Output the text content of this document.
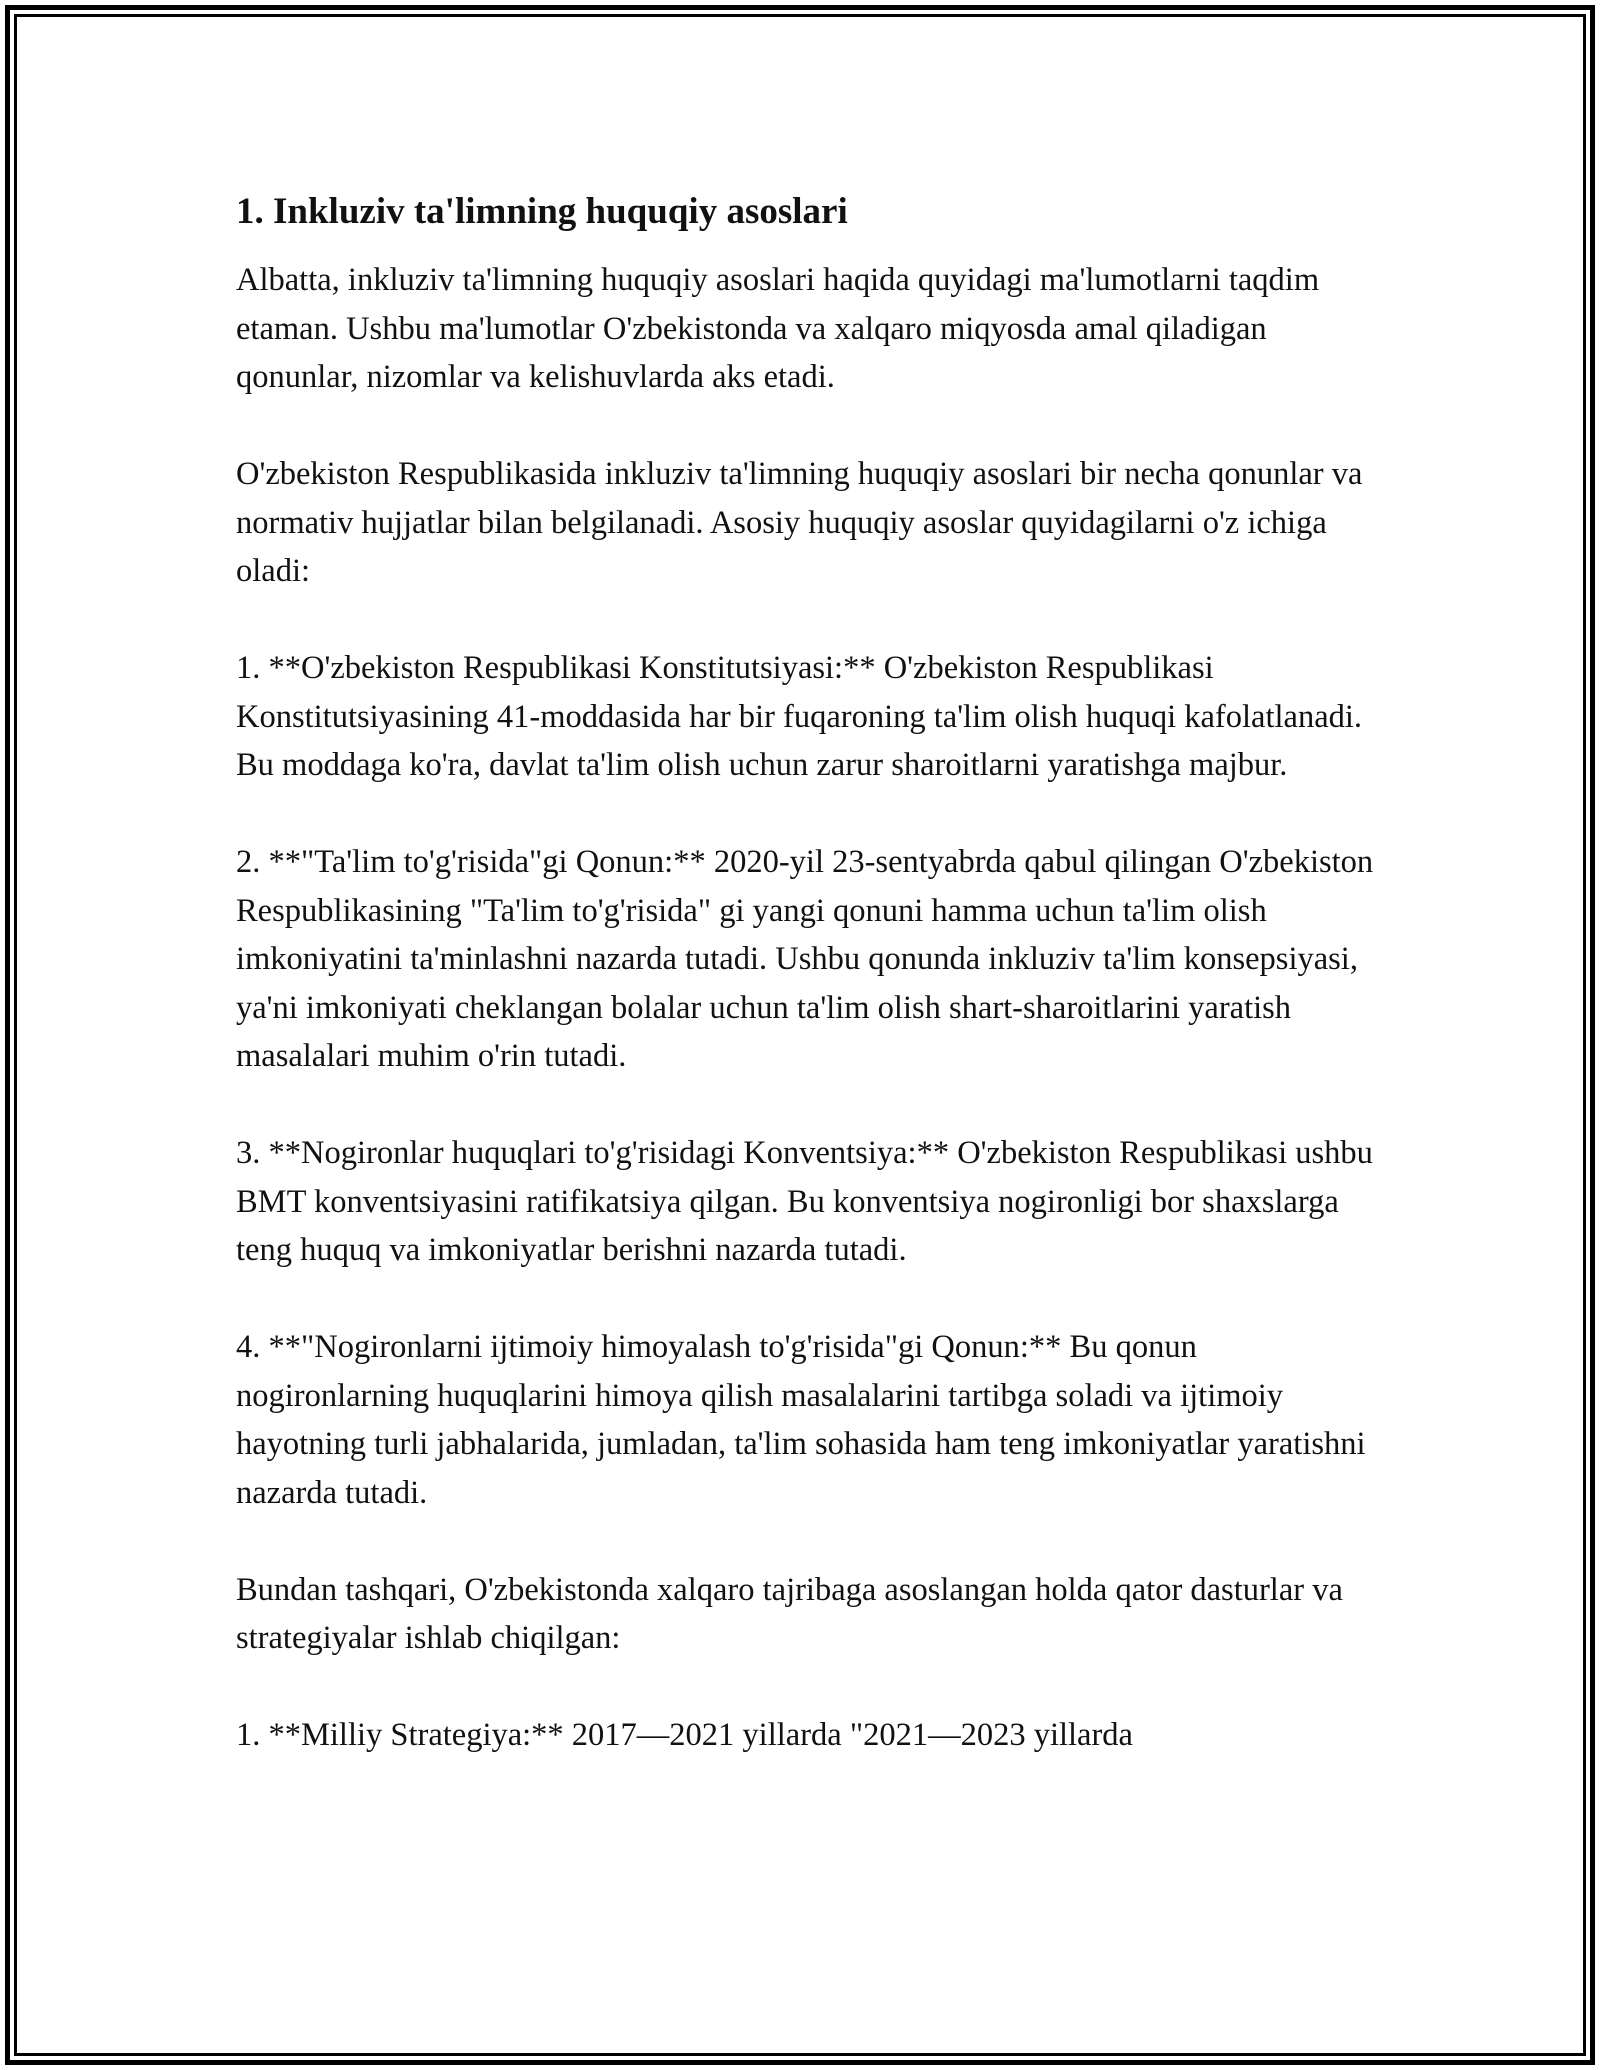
1. Inkluziv ta'limning huquqiy asoslari

Albatta, inkluziv ta'limning huquqiy asoslari haqida quyidagi ma'lumotlarni taqdim etaman. Ushbu ma'lumotlar O'zbekistonda va xalqaro miqyosda amal qiladigan qonunlar, nizomlar va kelishuvlarda aks etadi.

O'zbekiston Respublikasida inkluziv ta'limning huquqiy asoslari bir necha qonunlar va normativ hujjatlar bilan belgilanadi. Asosiy huquqiy asoslar quyidagilarni o'z ichiga oladi:

1. **O'zbekiston Respublikasi Konstitutsiyasi:** O'zbekiston Respublikasi Konstitutsiyasining 41-moddasida har bir fuqaroning ta'lim olish huquqi kafolatlanadi. Bu moddaga ko'ra, davlat ta'lim olish uchun zarur sharoitlarni yaratishga majbur.

2. **"Ta'lim to'g'risida"gi Qonun:** 2020-yil 23-sentyabrda qabul qilingan O'zbekiston Respublikasining "Ta'lim to'g'risida" gi yangi qonuni hamma uchun ta'lim olish imkoniyatini ta'minlashni nazarda tutadi. Ushbu qonunda inkluziv ta'lim konsepsiyasi, ya'ni imkoniyati cheklangan bolalar uchun ta'lim olish shart-sharoitlarini yaratish masalalari muhim o'rin tutadi.

3. **Nogironlar huquqlari to'g'risidagi Konventsiya:** O'zbekiston Respublikasi ushbu BMT konventsiyasini ratifikatsiya qilgan. Bu konventsiya nogironligi bor shaxslarga teng huquq va imkoniyatlar berishni nazarda tutadi.

4. **"Nogironlarni ijtimoiy himoyalash to'g'risida"gi Qonun:** Bu qonun nogironlarning huquqlarini himoya qilish masalalarini tartibga soladi va ijtimoiy hayotning turli jabhalarida, jumladan, ta'lim sohasida ham teng imkoniyatlar yaratishni nazarda tutadi.

Bundan tashqari, O'zbekistonda xalqaro tajribaga asoslangan holda qator dasturlar va strategiyalar ishlab chiqilgan:

1. **Milliy Strategiya:** 2017—2021 yillarda "2021—2023 yillarda
